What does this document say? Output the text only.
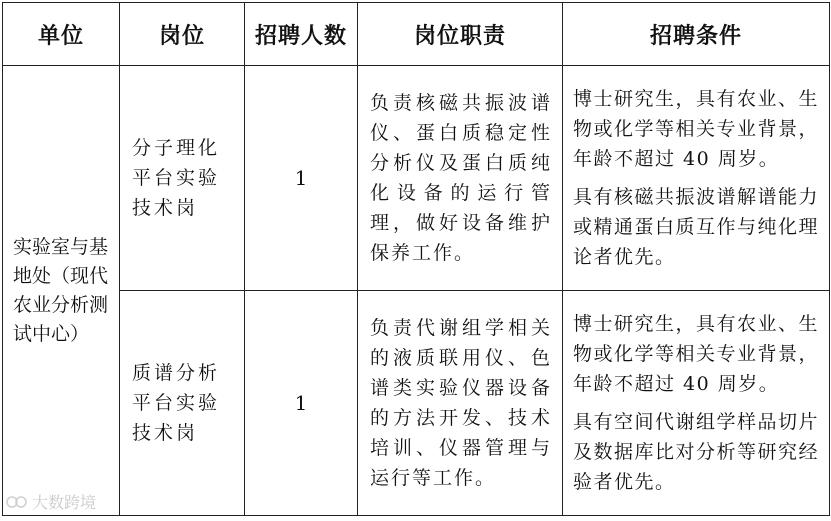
单位	岗位	招聘人数	岗位职责	招聘条件
实验室与基地处（现代农业分析测试中心）	分子理化平台实验技术岗	1	负责核磁共振波谱仪、蛋白质稳定性分析仪及蛋白质纯化设备的运行管理，做好设备维护保养工作。	博士研究生，具有农业、生物或化学等相关专业背景，年龄不超过 40 周岁。

具有核磁共振波谱解谱能力或精通蛋白质互作与纯化理论者优先。

	质谱分析平台实验技术岗	1	负责代谢组学相关的液质联用仪、色谱类实验仪器设备的方法开发、技术培训、仪器管理与运行等工作。	博士研究生，具有农业、生物或化学等相关专业背景，年龄不超过 40 周岁。

具有空间代谢组学样品切片及数据库比对分析等研究经验者优先。

大数跨境
